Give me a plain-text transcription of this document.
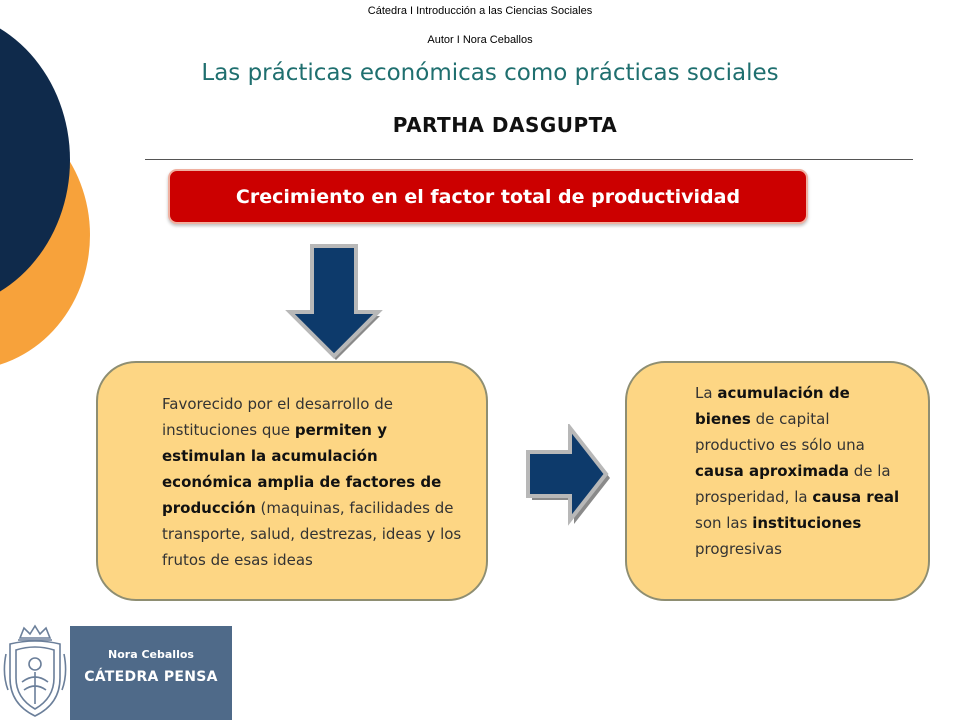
Cátedra I Introducción a las Ciencias Sociales
Autor I Nora Ceballos
Las prácticas económicas como prácticas sociales
PARTHA DASGUPTA
Crecimiento en el factor total de productividad
Favorecido por el desarrollo de instituciones que permiten y estimulan la acumulación económica amplia de factores de producción (maquinas, facilidades de transporte, salud, destrezas, ideas y los frutos de esas ideas
La acumulación de bienes de capital productivo es sólo una causa aproximada de la prosperidad, la causa real son las instituciones progresivas
Nora Ceballos
CÁTEDRA PENSA
